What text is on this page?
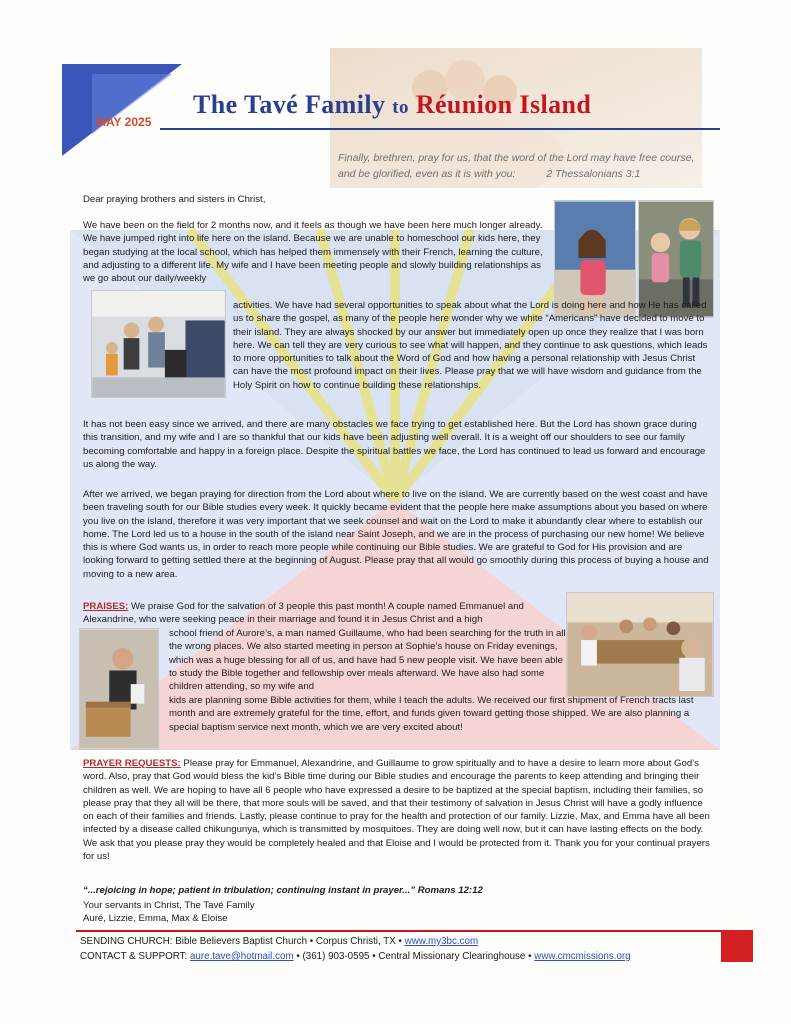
MAY 2025
The Tavé Family to Réunion Island
Finally, brethren, pray for us, that the word of the Lord may have free course, and be glorified, even as it is with you:	2 Thessalonians 3:1
Dear praying brothers and sisters in Christ,
We have been on the field for 2 months now, and it feels as though we have been here much longer already. We have jumped right into life here on the island. Because we are unable to homeschool our kids here, they began studying at the local school, which has helped them immensely with their French, learning the culture, and adjusting to a different life. My wife and I have been meeting people and slowly building relationships as we go about our daily/weekly
activities. We have had several opportunities to speak about what the Lord is doing here and how He has called us to share the gospel, as many of the people here wonder why we white “Americans” have decided to move to their island. They are always shocked by our answer but immediately open up once they realize that I was born here. We can tell they are very curious to see what will happen, and they continue to ask questions, which leads to more opportunities to talk about the Word of God and how having a personal relationship with Jesus Christ can have the most profound impact on their lives. Please pray that we will have wisdom and guidance from the Holy Spirit on how to continue building these relationships.
It has not been easy since we arrived, and there are many obstacles we face trying to get established here. But the Lord has shown grace during this transition, and my wife and I are so thankful that our kids have been adjusting well overall. It is a weight off our shoulders to see our family becoming comfortable and happy in a foreign place. Despite the spiritual battles we face, the Lord has continued to lead us forward and encourage us along the way.
After we arrived, we began praying for direction from the Lord about where to live on the island. We are currently based on the west coast and have been traveling south for our Bible studies every week. It quickly became evident that the people here make assumptions about you based on where you live on the island, therefore it was very important that we seek counsel and wait on the Lord to make it abundantly clear where to establish our home. The Lord led us to a house in the south of the island near Saint Joseph, and we are in the process of purchasing our new home! We believe this is where God wants us, in order to reach more people while continuing our Bible studies. We are grateful to God for His provision and are looking forward to getting settled there at the beginning of August. Please pray that all would go smoothly during this process of buying a house and moving to a new area.
PRAISES: We praise God for the salvation of 3 people this past month! A couple named Emmanuel and Alexandrine, who were seeking peace in their marriage and found it in Jesus Christ and a high
school friend of Aurore’s, a man named Guillaume, who had been searching for the truth in all the wrong places. We also started meeting in person at Sophie’s house on Friday evenings, which was a huge blessing for all of us, and have had 5 new people visit. We have been able to study the Bible together and fellowship over meals afterward. We have also had some children attending, so my wife and
kids are planning some Bible activities for them, while I teach the adults. We received our first shipment of French tracts last month and are extremely grateful for the time, effort, and funds given toward getting those shipped. We are also planning a special baptism service next month, which we are very excited about!
PRAYER REQUESTS: Please pray for Emmanuel, Alexandrine, and Guillaume to grow spiritually and to have a desire to learn more about God’s word. Also, pray that God would bless the kid’s Bible time during our Bible studies and encourage the parents to keep attending and bringing their children as well. We are hoping to have all 6 people who have expressed a desire to be baptized at the special baptism, including their families, so please pray that they all will be there, that more souls will be saved, and that their testimony of salvation in Jesus Christ will have a godly influence on each of their families and friends. Lastly, please continue to pray for the health and protection of our family. Lizzie, Max, and Emma have all been infected by a disease called chikungunya, which is transmitted by mosquitoes. They are doing well now, but it can have lasting effects on the body. We ask that you please pray they would be completely healed and that Eloise and I would be protected from it. Thank you for your continual prayers for us!
“...rejoicing in hope; patient in tribulation; continuing instant in prayer...” Romans 12:12
Your servants in Christ, The Tavé Family
Auré, Lizzie, Emma, Max & Eloise
SENDING CHURCH: Bible Believers Baptist Church • Corpus Christi, TX • www.my3bc.com
CONTACT & SUPPORT: aure.tave@hotmail.com • (361) 903-0595 • Central Missionary Clearinghouse • www.cmcmissions.org
